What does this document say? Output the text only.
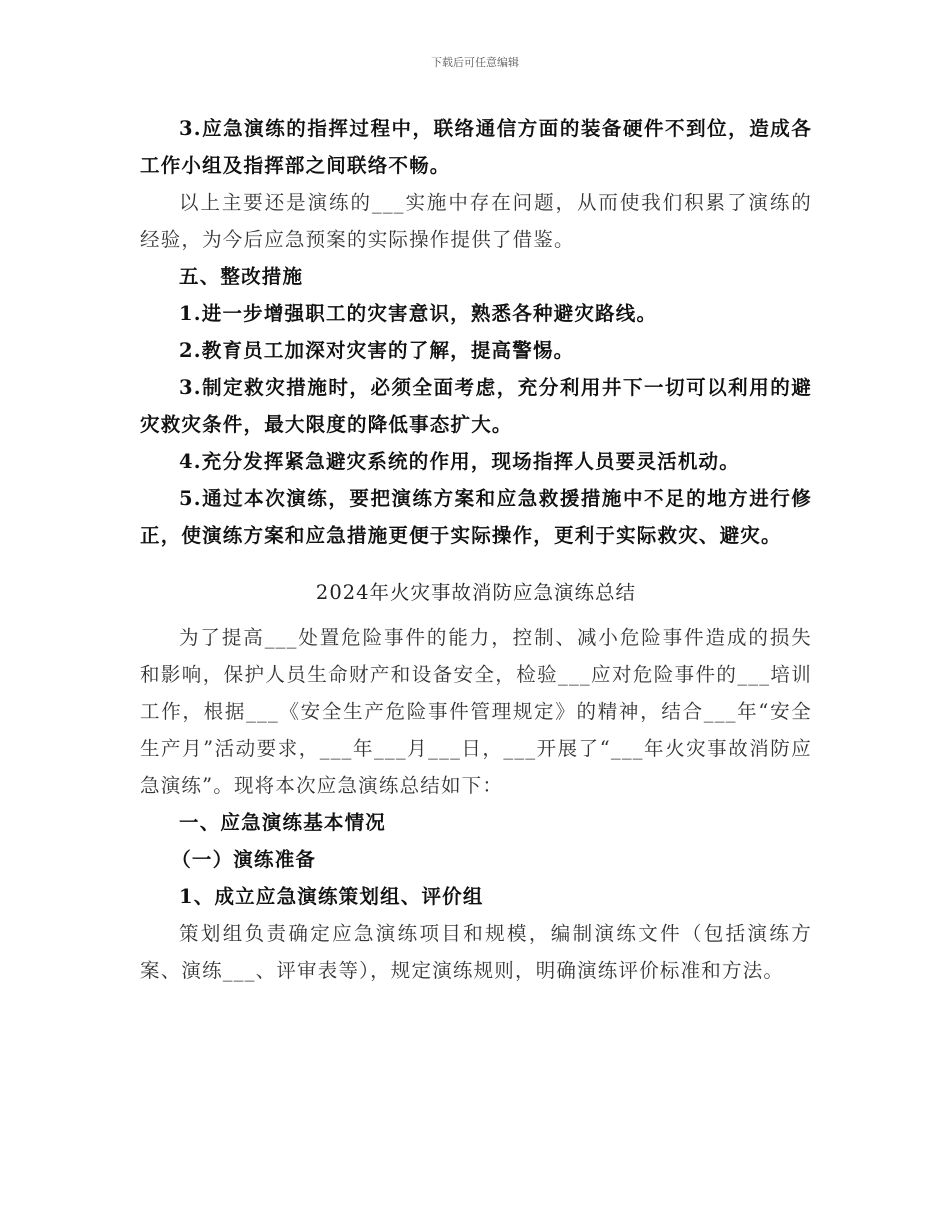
下载后可任意编辑

3.应急演练的指挥过程中，联络通信方面的装备硬件不到位，造成各工作小组及指挥部之间联络不畅。

以上主要还是演练的___实施中存在问题，从而使我们积累了演练的经验，为今后应急预案的实际操作提供了借鉴。

五、整改措施

1.进一步增强职工的灾害意识，熟悉各种避灾路线。

2.教育员工加深对灾害的了解，提高警惕。

3.制定救灾措施时，必须全面考虑，充分利用井下一切可以利用的避灾救灾条件，最大限度的降低事态扩大。

4.充分发挥紧急避灾系统的作用，现场指挥人员要灵活机动。

5.通过本次演练，要把演练方案和应急救援措施中不足的地方进行修正，使演练方案和应急措施更便于实际操作，更利于实际救灾、避灾。

2024年火灾事故消防应急演练总结

为了提高___处置危险事件的能力，控制、减小危险事件造成的损失和影响，保护人员生命财产和设备安全，检验___应对危险事件的___培训工作，根据___《安全生产危险事件管理规定》的精神，结合___年“安全生产月”活动要求，___年___月___日，___开展了“___年火灾事故消防应急演练”。现将本次应急演练总结如下：

一、应急演练基本情况

（一）演练准备

1、成立应急演练策划组、评价组

策划组负责确定应急演练项目和规模，编制演练文件（包括演练方案、演练___、评审表等），规定演练规则，明确演练评价标准和方法。
